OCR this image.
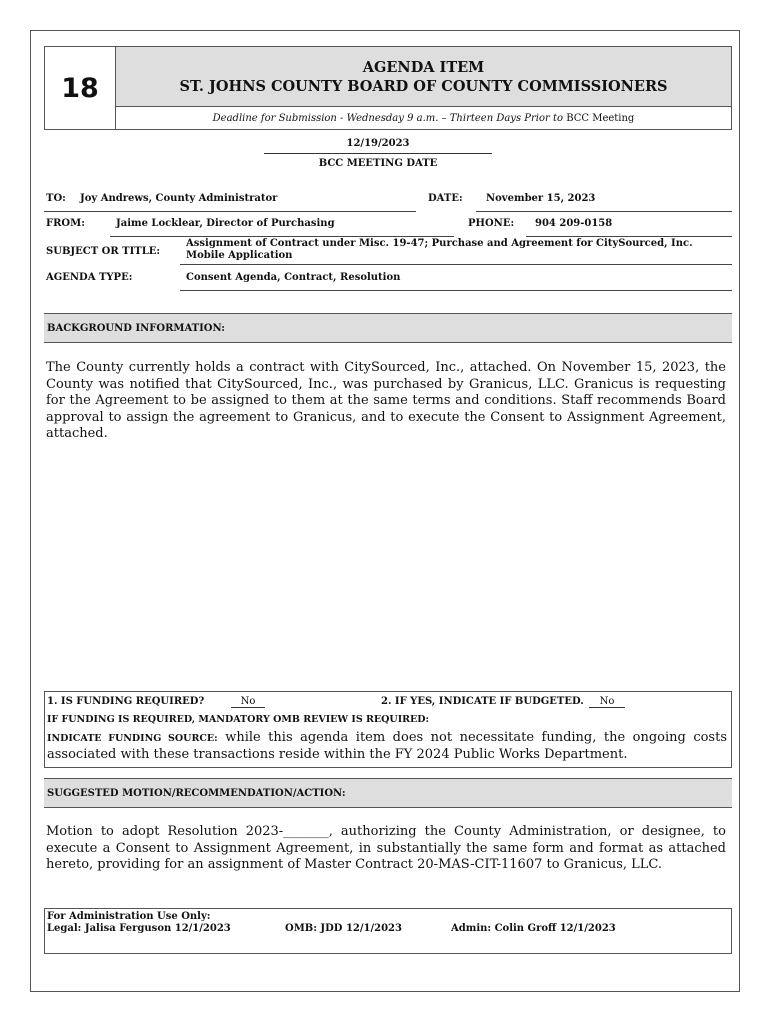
18
AGENDA ITEM
ST. JOHNS COUNTY BOARD OF COUNTY COMMISSIONERS
Deadline for Submission - Wednesday 9 a.m. – Thirteen Days Prior to
BCC Meeting
12/19/2023
BCC MEETING DATE
TO: Joy Andrews, County Administrator	DATE: November 15, 2023
FROM:	Jaime Locklear, Director of Purchasing	PHONE: 904 209-0158
SUBJECT OR TITLE:
Assignment of Contract under Misc. 19-47; Purchase and Agreement for CitySourced, Inc.
Mobile Application
AGENDA TYPE:	Consent Agenda, Contract, Resolution
BACKGROUND INFORMATION:
The County currently holds a contract with CitySourced, Inc., attached. On November 15, 2023, the County was notified that CitySourced, Inc., was purchased by Granicus, LLC. Granicus is requesting for the Agreement to be assigned to them at the same terms and conditions. Staff recommends Board approval to assign the agreement to Granicus, and to execute the Consent to Assignment Agreement, attached.
1. IS FUNDING REQUIRED?	No	2. IF YES, INDICATE IF BUDGETED.	No
IF FUNDING IS REQUIRED, MANDATORY OMB REVIEW IS REQUIRED:
INDICATE FUNDING SOURCE: while this agenda item does not necessitate funding, the ongoing costs associated with these transactions reside within the FY 2024 Public Works Department.
SUGGESTED MOTION/RECOMMENDATION/ACTION:
Motion to adopt Resolution 2023-_______, authorizing the County Administration, or designee, to execute a Consent to Assignment Agreement, in substantially the same form and format as attached hereto, providing for an assignment of Master Contract 20-MAS-CIT-11607 to Granicus, LLC.
For Administration Use Only:
Legal: Jalisa Ferguson 12/1/2023	OMB: JDD 12/1/2023	Admin: Colin Groff 12/1/2023
